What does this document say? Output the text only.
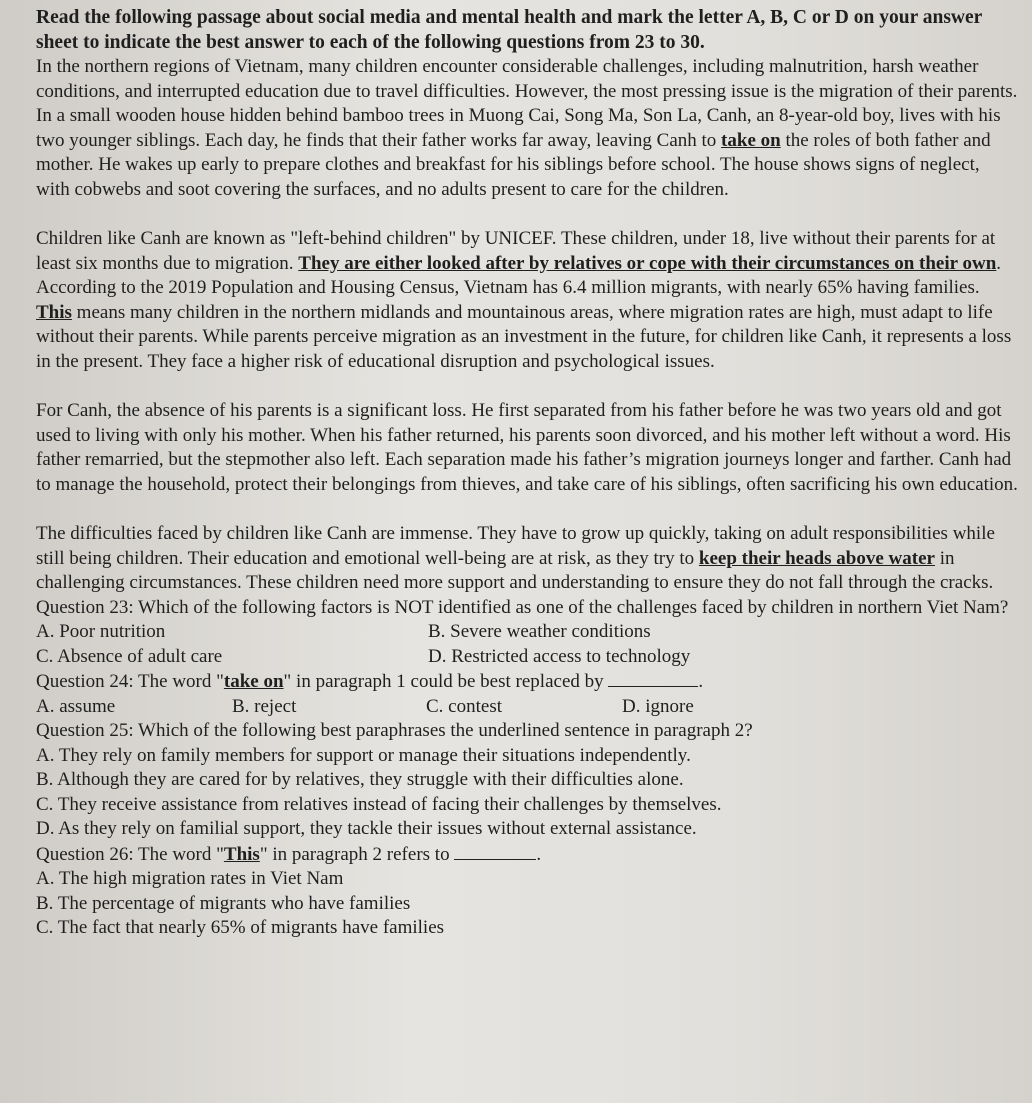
Read the following passage about social media and mental health and mark the letter A, B, C or D on your answer sheet to indicate the best answer to each of the following questions from 23 to 30.

In the northern regions of Vietnam, many children encounter considerable challenges, including malnutrition, harsh weather conditions, and interrupted education due to travel difficulties. However, the most pressing issue is the migration of their parents. In a small wooden house hidden behind bamboo trees in Muong Cai, Song Ma, Son La, Canh, an 8-year-old boy, lives with his two younger siblings. Each day, he finds that their father works far away, leaving Canh to take on the roles of both father and mother. He wakes up early to prepare clothes and breakfast for his siblings before school. The house shows signs of neglect, with cobwebs and soot covering the surfaces, and no adults present to care for the children.

Children like Canh are known as "left-behind children" by UNICEF. These children, under 18, live without their parents for at least six months due to migration. They are either looked after by relatives or cope with their circumstances on their own. According to the 2019 Population and Housing Census, Vietnam has 6.4 million migrants, with nearly 65% having families. This means many children in the northern midlands and mountainous areas, where migration rates are high, must adapt to life without their parents. While parents perceive migration as an investment in the future, for children like Canh, it represents a loss in the present. They face a higher risk of educational disruption and psychological issues.

For Canh, the absence of his parents is a significant loss. He first separated from his father before he was two years old and got used to living with only his mother. When his father returned, his parents soon divorced, and his mother left without a word. His father remarried, but the stepmother also left. Each separation made his father’s migration journeys longer and farther. Canh had to manage the household, protect their belongings from thieves, and take care of his siblings, often sacrificing his own education.

The difficulties faced by children like Canh are immense. They have to grow up quickly, taking on adult responsibilities while still being children. Their education and emotional well-being are at risk, as they try to keep their heads above water in challenging circumstances. These children need more support and understanding to ensure they do not fall through the cracks.

Question 23: Which of the following factors is NOT identified as one of the challenges faced by children in northern Viet Nam?

A. Poor nutrition	B. Severe weather conditions
C. Absence of adult care	D. Restricted access to technology

Question 24: The word "take on" in paragraph 1 could be best replaced by	.

A. assume	B. reject	C. contest	D. ignore

Question 25: Which of the following best paraphrases the underlined sentence in paragraph 2?

A. They rely on family members for support or manage their situations independently.

B. Although they are cared for by relatives, they struggle with their difficulties alone.

C. They receive assistance from relatives instead of facing their challenges by themselves.

D. As they rely on familial support, they tackle their issues without external assistance.

Question 26: The word "This" in paragraph 2 refers to	.

A. The high migration rates in Viet Nam

B. The percentage of migrants who have families

C. The fact that nearly 65% of migrants have families
